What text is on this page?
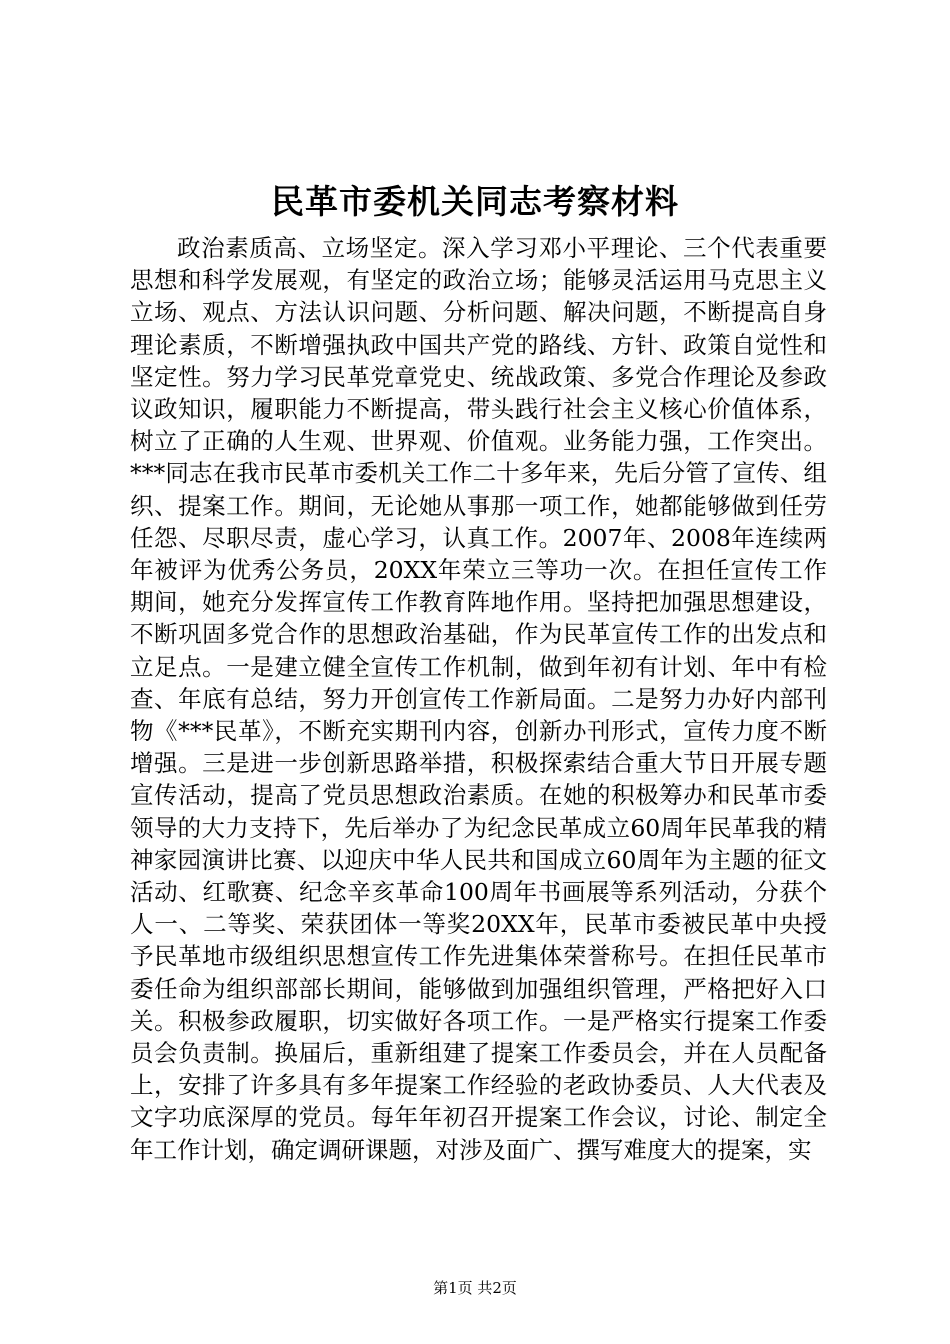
民革市委机关同志考察材料

政治素质高、立场坚定。深入学习邓小平理论、三个代表重要思想和科学发展观，有坚定的政治立场；能够灵活运用马克思主义立场、观点、方法认识问题、分析问题、解决问题，不断提高自身理论素质，不断增强执政中国共产党的路线、方针、政策自觉性和坚定性。努力学习民革党章党史、统战政策、多党合作理论及参政议政知识，履职能力不断提高，带头践行社会主义核心价值体系，树立了正确的人生观、世界观、价值观。业务能力强，工作突出。***同志在我市民革市委机关工作二十多年来，先后分管了宣传、组织、提案工作。期间，无论她从事那一项工作，她都能够做到任劳任怨、尽职尽责，虚心学习，认真工作。2007年、2008年连续两年被评为优秀公务员，20XX年荣立三等功一次。在担任宣传工作期间，她充分发挥宣传工作教育阵地作用。坚持把加强思想建设，不断巩固多党合作的思想政治基础，作为民革宣传工作的出发点和立足点。一是建立健全宣传工作机制，做到年初有计划、年中有检查、年底有总结，努力开创宣传工作新局面。二是努力办好内部刊物《***民革》，不断充实期刊内容，创新办刊形式，宣传力度不断增强。三是进一步创新思路举措，积极探索结合重大节日开展专题宣传活动，提高了党员思想政治素质。在她的积极筹办和民革市委领导的大力支持下，先后举办了为纪念民革成立60周年民革我的精神家园演讲比赛、以迎庆中华人民共和国成立60周年为主题的征文活动、红歌赛、纪念辛亥革命100周年书画展等系列活动，分获个人一、二等奖、荣获团体一等奖20XX年，民革市委被民革中央授予民革地市级组织思想宣传工作先进集体荣誉称号。在担任民革市委任命为组织部部长期间，能够做到加强组织管理，严格把好入口关。积极参政履职，切实做好各项工作。一是严格实行提案工作委员会负责制。换届后，重新组建了提案工作委员会，并在人员配备上，安排了许多具有多年提案工作经验的老政协委员、人大代表及文字功底深厚的党员。每年年初召开提案工作会议，讨论、制定全年工作计划，确定调研课题，对涉及面广、撰写难度大的提案，实

第1页 共2页
